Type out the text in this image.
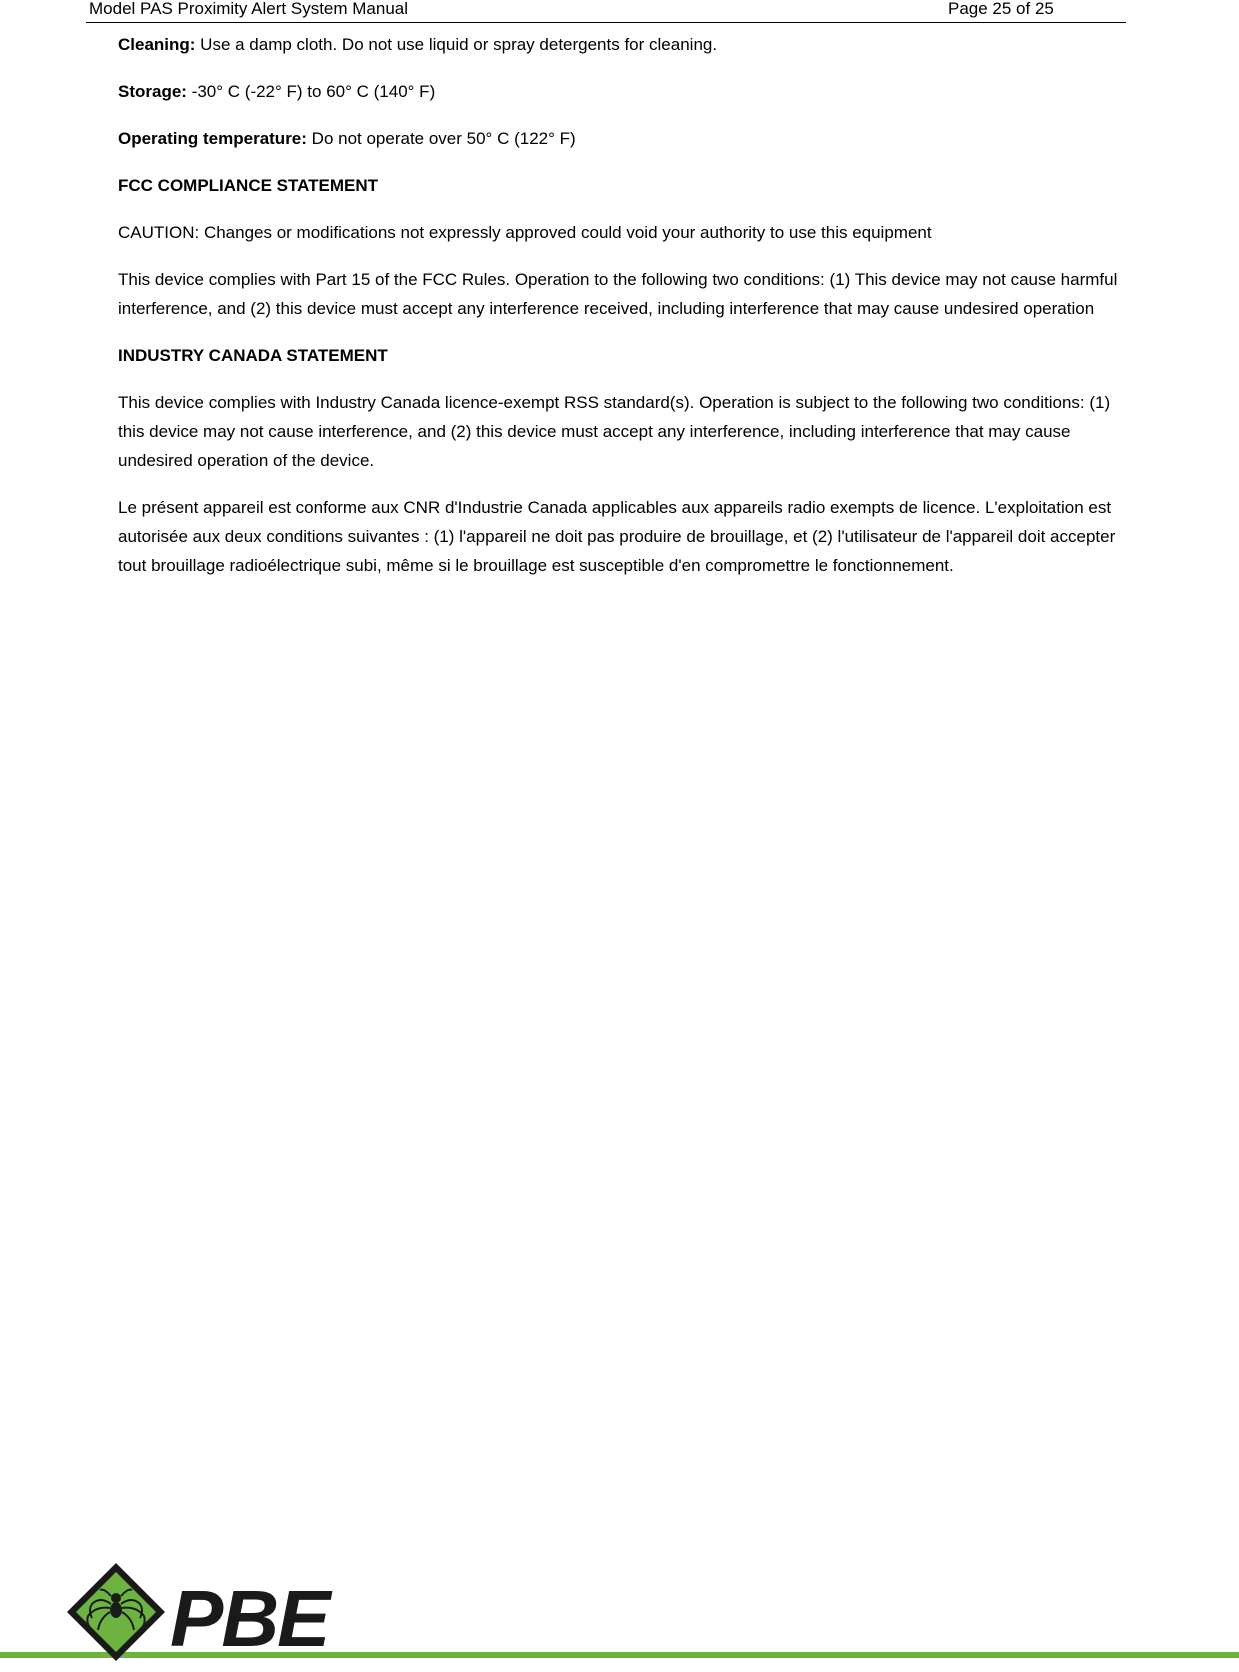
Model PAS Proximity Alert System Manual	Page 25 of 25

Cleaning: Use a damp cloth. Do not use liquid or spray detergents for cleaning.

Storage: -30° C (-22° F) to 60° C (140° F)

Operating temperature: Do not operate over 50° C (122° F)

FCC COMPLIANCE STATEMENT

CAUTION: Changes or modifications not expressly approved could void your authority to use this equipment

This device complies with Part 15 of the FCC Rules. Operation to the following two conditions: (1) This device may not cause harmful interference, and (2) this device must accept any interference received, including interference that may cause undesired operation

INDUSTRY CANADA STATEMENT

This device complies with Industry Canada licence-exempt RSS standard(s). Operation is subject to the following two conditions: (1) this device may not cause interference, and (2) this device must accept any interference, including interference that may cause undesired operation of the device.

Le présent appareil est conforme aux CNR d'Industrie Canada applicables aux appareils radio exempts de licence. L'exploitation est autorisée aux deux conditions suivantes : (1) l'appareil ne doit pas produire de brouillage, et (2) l'utilisateur de l'appareil doit accepter tout brouillage radioélectrique subi, même si le brouillage est susceptible d'en compromettre le fonctionnement.

PBE
